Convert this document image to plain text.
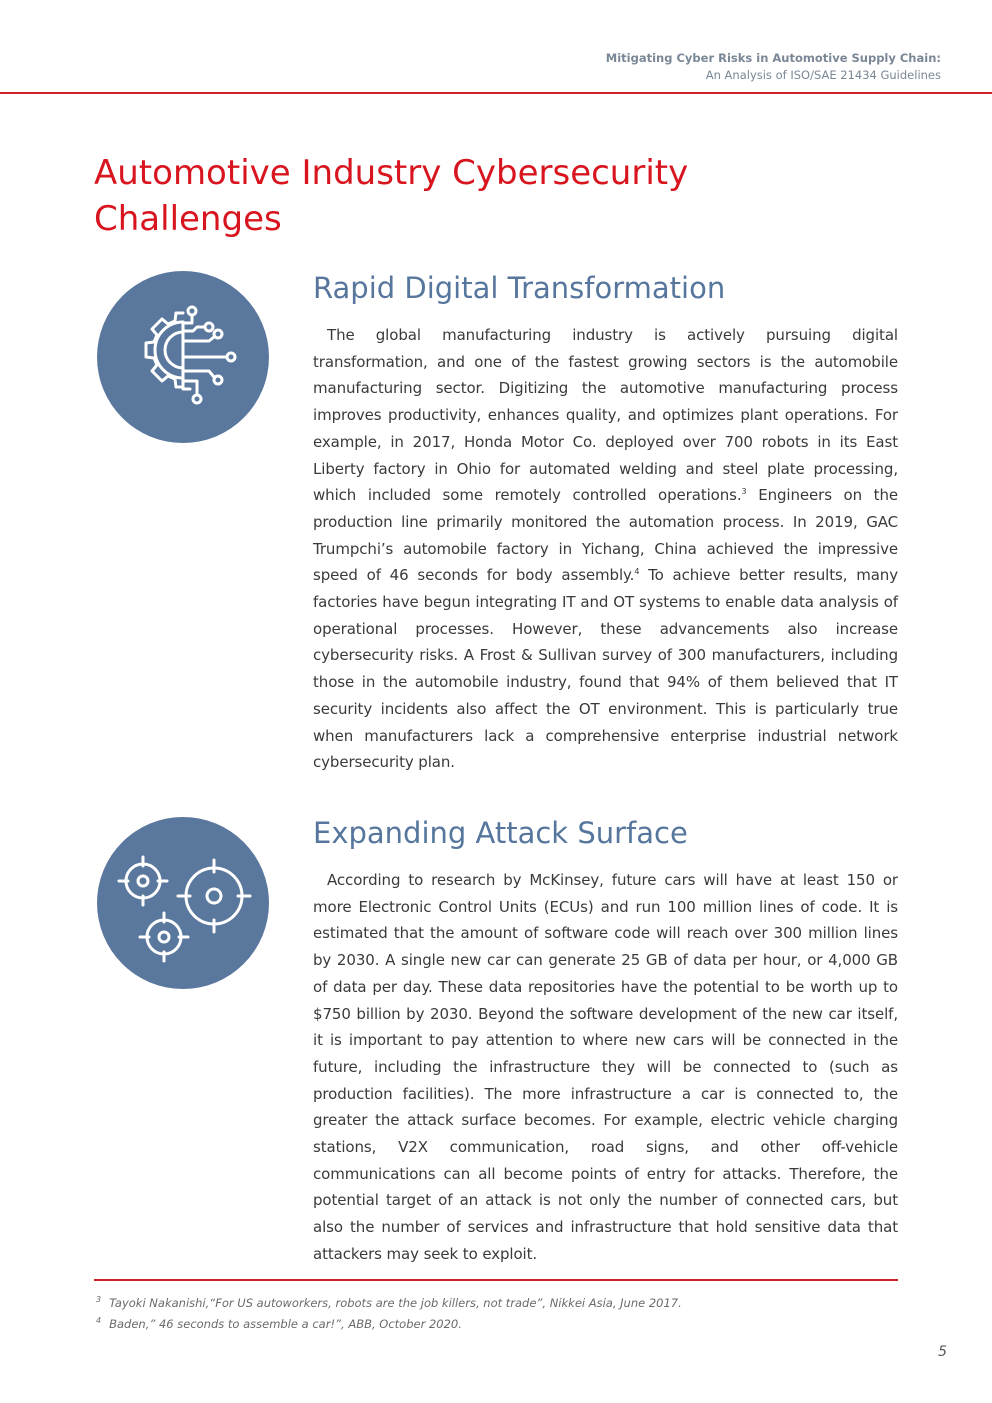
Mitigating Cyber Risks in Automotive Supply Chain:
An Analysis of ISO/SAE 21434 Guidelines
Automotive Industry Cybersecurity Challenges
Rapid Digital Transformation

The global manufacturing industry is actively pursuing digital transformation, and one of the fastest growing sectors is the automobile manufacturing sector. Digitizing the automotive manufacturing process improves productivity, enhances quality, and optimizes plant operations. For example, in 2017, Honda Motor Co. deployed over 700 robots in its East Liberty factory in Ohio for automated welding and steel plate processing, which included some remotely controlled operations.$^3$ Engineers on the production line primarily monitored the automation process. In 2019, GAC Trumpchi’s automobile factory in Yichang, China achieved the impressive speed of 46 seconds for body assembly.$^4$ To achieve better results, many factories have begun integrating IT and OT systems to enable data analysis of operational processes. However, these advancements also increase cybersecurity risks. A Frost & Sullivan survey of 300 manufacturers, including those in the automobile industry, found that 94% of them believed that IT security incidents also affect the OT environment. This is particularly true when manufacturers lack a comprehensive enterprise industrial network cybersecurity plan.

Expanding Attack Surface

According to research by McKinsey, future cars will have at least 150 or more Electronic Control Units (ECUs) and run 100 million lines of code. It is estimated that the amount of software code will reach over 300 million lines by 2030. A single new car can generate 25 GB of data per hour, or 4,000 GB of data per day. These data repositories have the potential to be worth up to $750 billion by 2030. Beyond the software development of the new car itself, it is important to pay attention to where new cars will be connected in the future, including the infrastructure they will be connected to (such as production facilities). The more infrastructure a car is connected to, the greater the attack surface becomes. For example, electric vehicle charging stations, V2X communication, road signs, and other off-vehicle communications can all become points of entry for attacks. Therefore, the potential target of an attack is not only the number of connected cars, but also the number of services and infrastructure that hold sensitive data that attackers may seek to exploit.

$^3$ Tayoki Nakanishi,“For US autoworkers, robots are the job killers, not trade”, Nikkei Asia, June 2017.
$^4$ Baden,” 46 seconds to assemble a car!”, ABB, October 2020.
5
